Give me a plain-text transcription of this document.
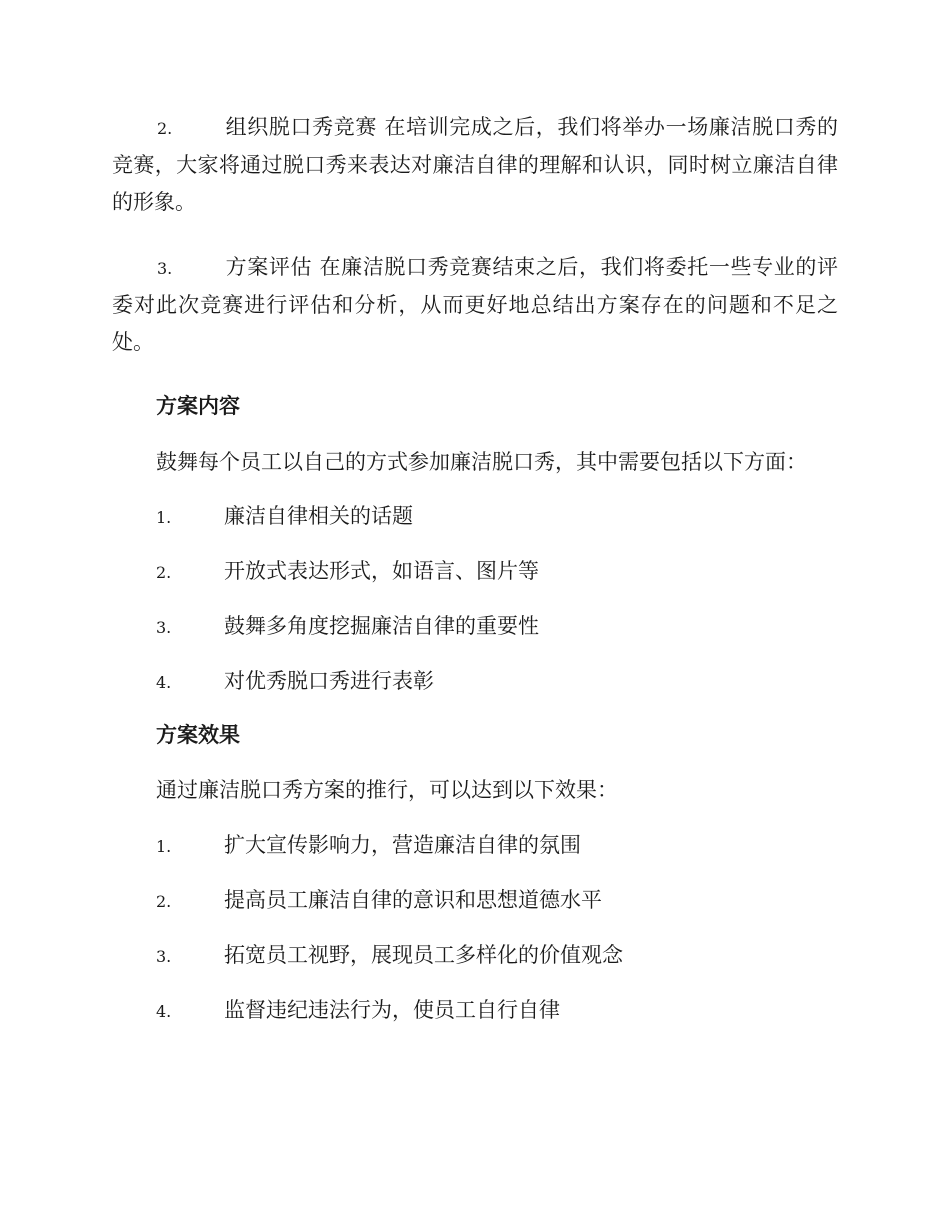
2.	组织脱口秀竞赛 在培训完成之后，我们将举办一场廉洁脱口秀的竞赛，大家将通过脱口秀来表达对廉洁自律的理解和认识，同时树立廉洁自律的形象。
3.	方案评估 在廉洁脱口秀竞赛结束之后，我们将委托一些专业的评委对此次竞赛进行评估和分析，从而更好地总结出方案存在的问题和不足之处。
方案内容
鼓舞每个员工以自己的方式参加廉洁脱口秀，其中需要包括以下方面：
1.	廉洁自律相关的话题
2.	开放式表达形式，如语言、图片等
3.	鼓舞多角度挖掘廉洁自律的重要性
4.	对优秀脱口秀进行表彰
方案效果
通过廉洁脱口秀方案的推行，可以达到以下效果：
1.	扩大宣传影响力，营造廉洁自律的氛围
2.	提高员工廉洁自律的意识和思想道德水平
3.	拓宽员工视野，展现员工多样化的价值观念
4.	监督违纪违法行为，使员工自行自律
